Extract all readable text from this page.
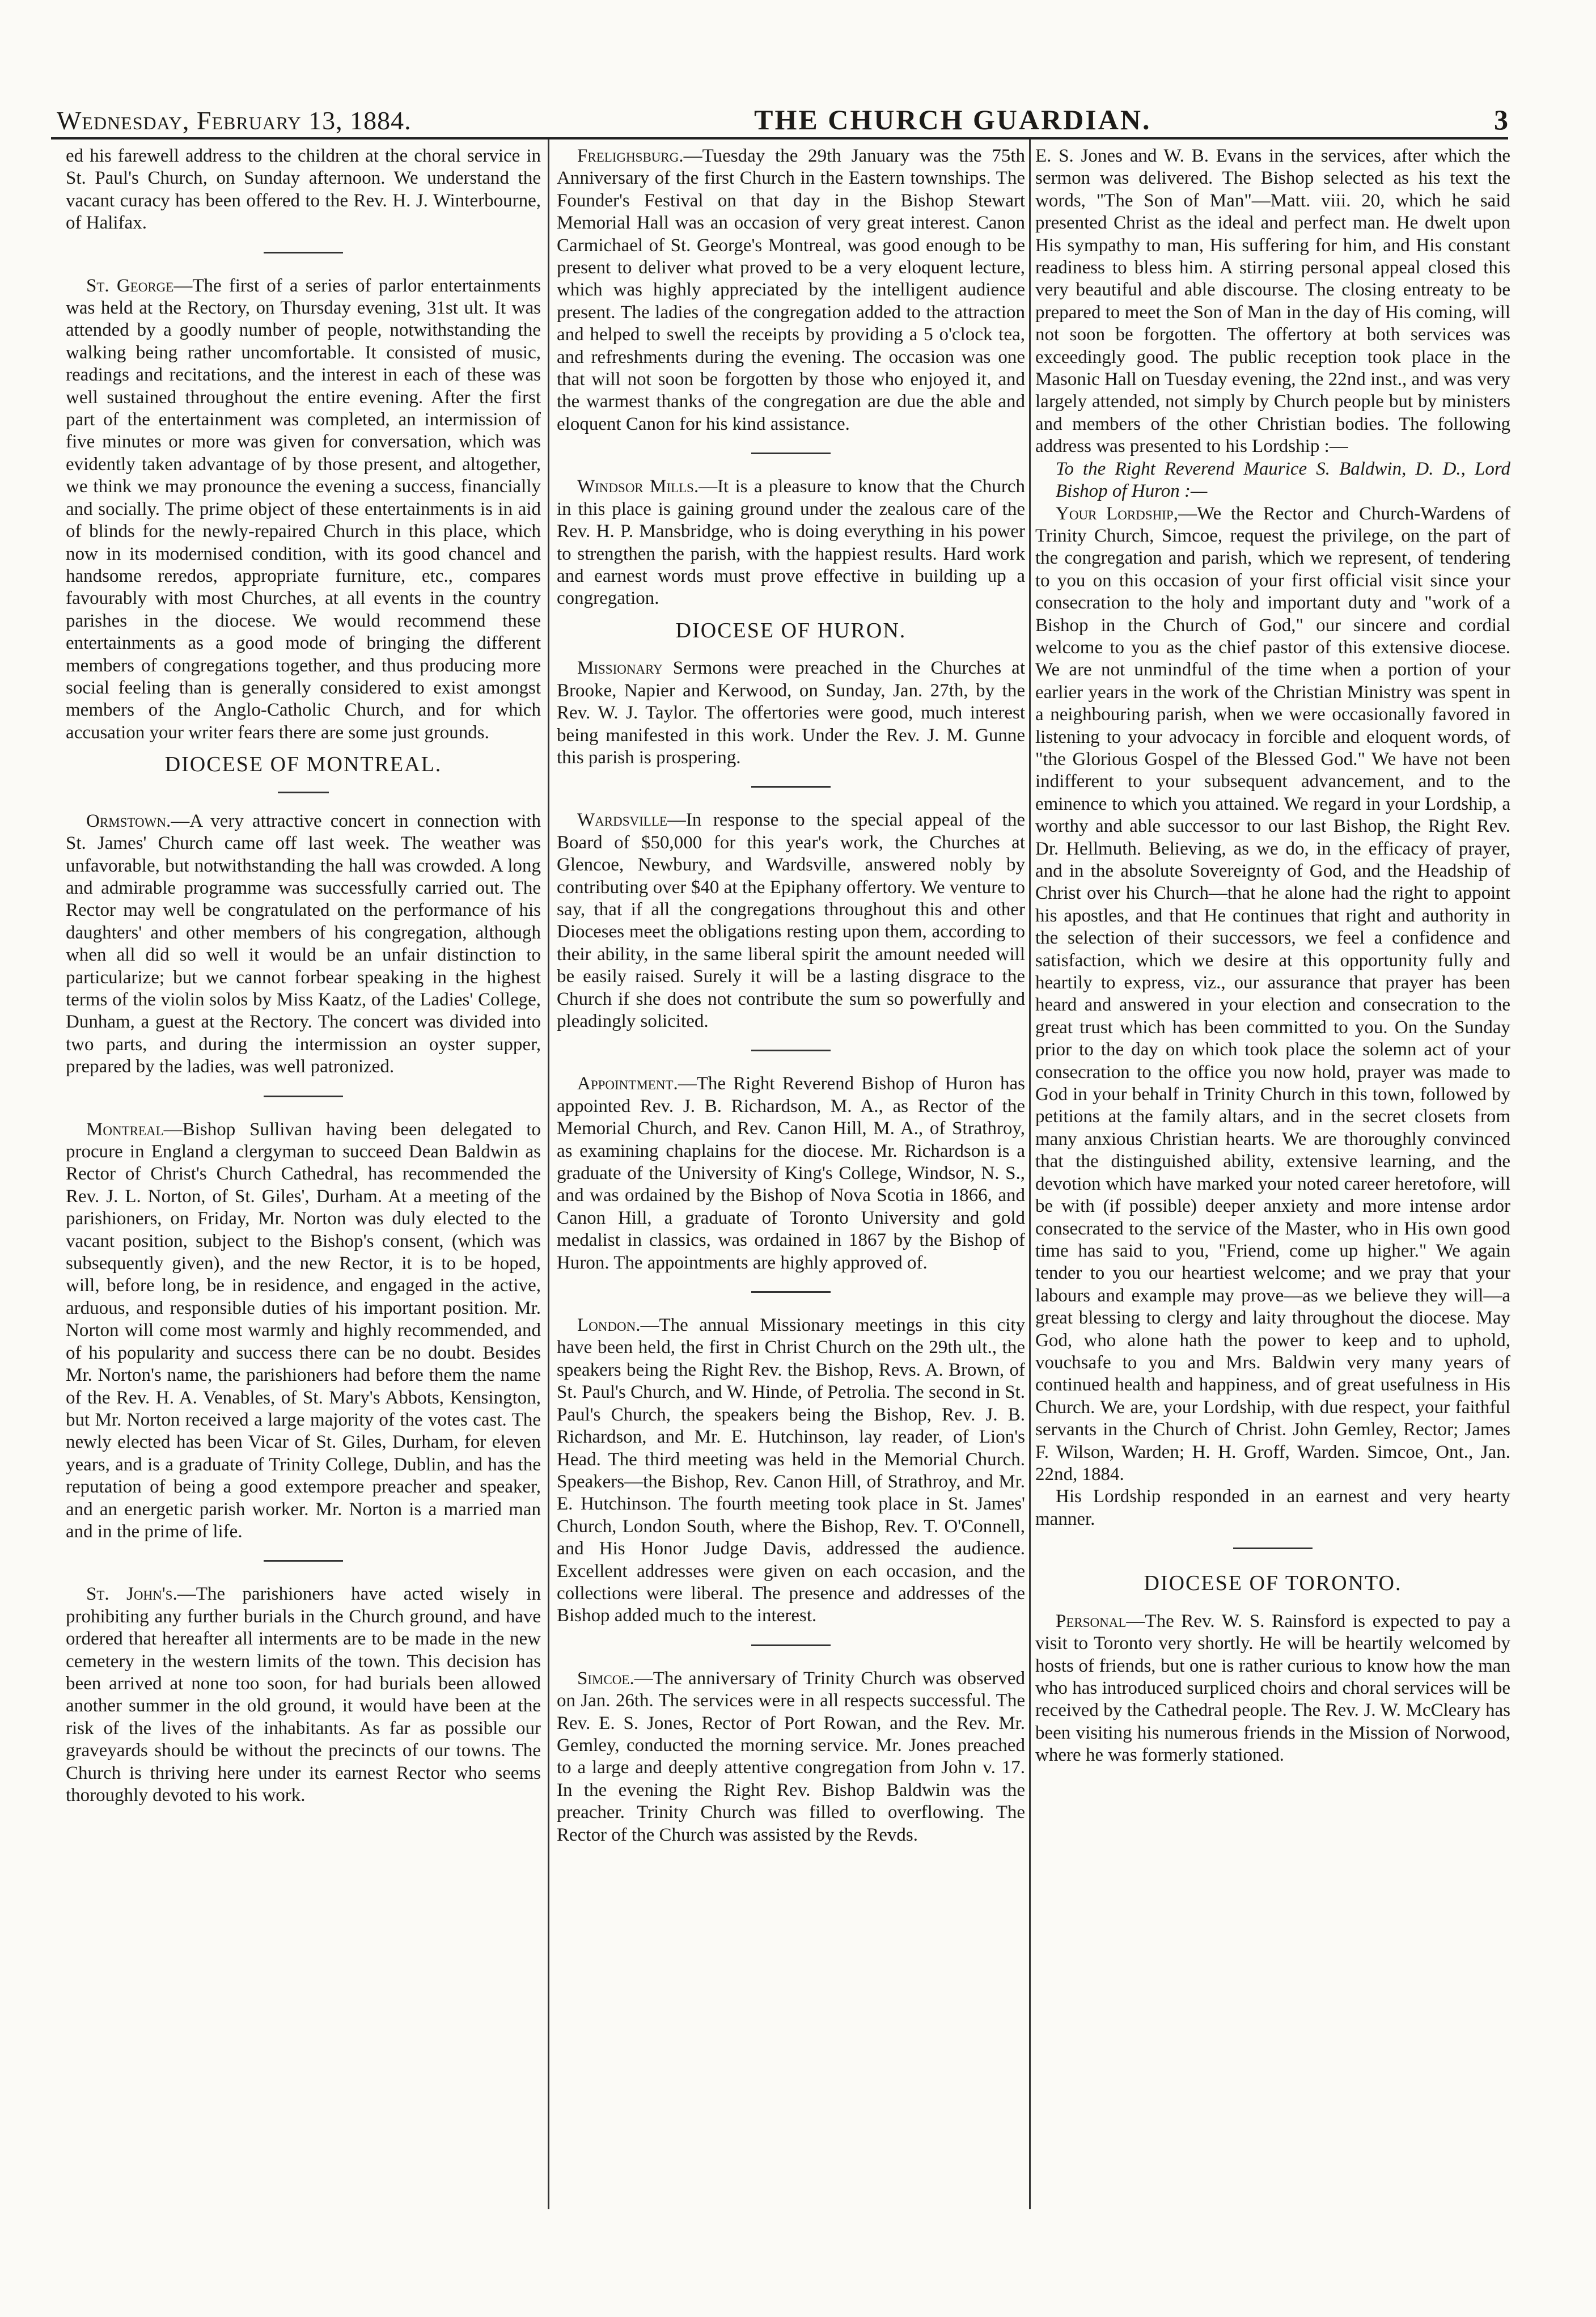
Wednesday, February 13, 1884.	THE CHURCH GUARDIAN.	3

ed his farewell address to the children at the choral service in St. Paul's Church, on Sunday afternoon. We understand the vacant curacy has been offered to the Rev. H. J. Winterbourne, of Halifax.

St. George—The first of a series of parlor entertainments was held at the Rectory, on Thursday evening, 31st ult. It was attended by a goodly number of people, notwithstanding the walking being rather uncomfortable. It consisted of music, readings and recitations, and the interest in each of these was well sustained throughout the entire evening. After the first part of the entertainment was completed, an intermission of five minutes or more was given for conversation, which was evidently taken advantage of by those present, and altogether, we think we may pronounce the evening a success, financially and socially. The prime object of these entertainments is in aid of blinds for the newly-repaired Church in this place, which now in its modernised condition, with its good chancel and handsome reredos, appropriate furniture, etc., compares favourably with most Churches, at all events in the country parishes in the diocese. We would recommend these entertainments as a good mode of bringing the different members of congregations together, and thus producing more social feeling than is generally considered to exist amongst members of the Anglo-Catholic Church, and for which accusation your writer fears there are some just grounds.

DIOCESE OF MONTREAL.

Ormstown.—A very attractive concert in connection with St. James' Church came off last week. The weather was unfavorable, but notwithstanding the hall was crowded. A long and admirable programme was successfully carried out. The Rector may well be congratulated on the performance of his daughters' and other members of his congregation, although when all did so well it would be an unfair distinction to particularize; but we cannot forbear speaking in the highest terms of the violin solos by Miss Kaatz, of the Ladies' College, Dunham, a guest at the Rectory. The concert was divided into two parts, and during the intermission an oyster supper, prepared by the ladies, was well patronized.

Montreal—Bishop Sullivan having been delegated to procure in England a clergyman to succeed Dean Baldwin as Rector of Christ's Church Cathedral, has recommended the Rev. J. L. Norton, of St. Giles', Durham. At a meeting of the parishioners, on Friday, Mr. Norton was duly elected to the vacant position, subject to the Bishop's consent, (which was subsequently given), and the new Rector, it is to be hoped, will, before long, be in residence, and engaged in the active, arduous, and responsible duties of his important position. Mr. Norton will come most warmly and highly recommended, and of his popularity and success there can be no doubt. Besides Mr. Norton's name, the parishioners had before them the name of the Rev. H. A. Venables, of St. Mary's Abbots, Kensington, but Mr. Norton received a large majority of the votes cast. The newly elected has been Vicar of St. Giles, Durham, for eleven years, and is a graduate of Trinity College, Dublin, and has the reputation of being a good extempore preacher and speaker, and an energetic parish worker. Mr. Norton is a married man and in the prime of life.

St. John's.—The parishioners have acted wisely in prohibiting any further burials in the Church ground, and have ordered that hereafter all interments are to be made in the new cemetery in the western limits of the town. This decision has been arrived at none too soon, for had burials been allowed another summer in the old ground, it would have been at the risk of the lives of the inhabitants. As far as possible our graveyards should be without the precincts of our towns. The Church is thriving here under its earnest Rector who seems thoroughly devoted to his work.

Frelighsburg.—Tuesday the 29th January was the 75th Anniversary of the first Church in the Eastern townships. The Founder's Festival on that day in the Bishop Stewart Memorial Hall was an occasion of very great interest. Canon Carmichael of St. George's Montreal, was good enough to be present to deliver what proved to be a very eloquent lecture, which was highly appreciated by the intelligent audience present. The ladies of the congregation added to the attraction and helped to swell the receipts by providing a 5 o'clock tea, and refreshments during the evening. The occasion was one that will not soon be forgotten by those who enjoyed it, and the warmest thanks of the congregation are due the able and eloquent Canon for his kind assistance.

Windsor Mills.—It is a pleasure to know that the Church in this place is gaining ground under the zealous care of the Rev. H. P. Mansbridge, who is doing everything in his power to strengthen the parish, with the happiest results. Hard work and earnest words must prove effective in building up a congregation.

DIOCESE OF HURON.

Missionary Sermons were preached in the Churches at Brooke, Napier and Kerwood, on Sunday, Jan. 27th, by the Rev. W. J. Taylor. The offertories were good, much interest being manifested in this work. Under the Rev. J. M. Gunne this parish is prospering.

Wardsville—In response to the special appeal of the Board of $50,000 for this year's work, the Churches at Glencoe, Newbury, and Wardsville, answered nobly by contributing over $40 at the Epiphany offertory. We venture to say, that if all the congregations throughout this and other Dioceses meet the obligations resting upon them, according to their ability, in the same liberal spirit the amount needed will be easily raised. Surely it will be a lasting disgrace to the Church if she does not contribute the sum so powerfully and pleadingly solicited.

Appointment.—The Right Reverend Bishop of Huron has appointed Rev. J. B. Richardson, M. A., as Rector of the Memorial Church, and Rev. Canon Hill, M. A., of Strathroy, as examining chaplains for the diocese. Mr. Richardson is a graduate of the University of King's College, Windsor, N. S., and was ordained by the Bishop of Nova Scotia in 1866, and Canon Hill, a graduate of Toronto University and gold medalist in classics, was ordained in 1867 by the Bishop of Huron. The appointments are highly approved of.

London.—The annual Missionary meetings in this city have been held, the first in Christ Church on the 29th ult., the speakers being the Right Rev. the Bishop, Revs. A. Brown, of St. Paul's Church, and W. Hinde, of Petrolia. The second in St. Paul's Church, the speakers being the Bishop, Rev. J. B. Richardson, and Mr. E. Hutchinson, lay reader, of Lion's Head. The third meeting was held in the Memorial Church. Speakers—the Bishop, Rev. Canon Hill, of Strathroy, and Mr. E. Hutchinson. The fourth meeting took place in St. James' Church, London South, where the Bishop, Rev. T. O'Connell, and His Honor Judge Davis, addressed the audience. Excellent addresses were given on each occasion, and the collections were liberal. The presence and addresses of the Bishop added much to the interest.

Simcoe.—The anniversary of Trinity Church was observed on Jan. 26th. The services were in all respects successful. The Rev. E. S. Jones, Rector of Port Rowan, and the Rev. Mr. Gemley, conducted the morning service. Mr. Jones preached to a large and deeply attentive congregation from John v. 17. In the evening the Right Rev. Bishop Baldwin was the preacher. Trinity Church was filled to overflowing. The Rector of the Church was assisted by the Revds.

E. S. Jones and W. B. Evans in the services, after which the sermon was delivered. The Bishop selected as his text the words, "The Son of Man"—Matt. viii. 20, which he said presented Christ as the ideal and perfect man. He dwelt upon His sympathy to man, His suffering for him, and His constant readiness to bless him. A stirring personal appeal closed this very beautiful and able discourse. The closing entreaty to be prepared to meet the Son of Man in the day of His coming, will not soon be forgotten. The offertory at both services was exceedingly good. The public reception took place in the Masonic Hall on Tuesday evening, the 22nd inst., and was very largely attended, not simply by Church people but by ministers and members of the other Christian bodies. The following address was presented to his Lordship :—

To the Right Reverend Maurice S. Baldwin, D. D., Lord Bishop of Huron :—

Your Lordship,—We the Rector and Church-Wardens of Trinity Church, Simcoe, request the privilege, on the part of the congregation and parish, which we represent, of tendering to you on this occasion of your first official visit since your consecration to the holy and important duty and "work of a Bishop in the Church of God," our sincere and cordial welcome to you as the chief pastor of this extensive diocese. We are not unmindful of the time when a portion of your earlier years in the work of the Christian Ministry was spent in a neighbouring parish, when we were occasionally favored in listening to your advocacy in forcible and eloquent words, of "the Glorious Gospel of the Blessed God." We have not been indifferent to your subsequent advancement, and to the eminence to which you attained. We regard in your Lordship, a worthy and able successor to our last Bishop, the Right Rev. Dr. Hellmuth. Believing, as we do, in the efficacy of prayer, and in the absolute Sovereignty of God, and the Headship of Christ over his Church—that he alone had the right to appoint his apostles, and that He continues that right and authority in the selection of their successors, we feel a confidence and satisfaction, which we desire at this opportunity fully and heartily to express, viz., our assurance that prayer has been heard and answered in your election and consecration to the great trust which has been committed to you. On the Sunday prior to the day on which took place the solemn act of your consecration to the office you now hold, prayer was made to God in your behalf in Trinity Church in this town, followed by petitions at the family altars, and in the secret closets from many anxious Christian hearts. We are thoroughly convinced that the distinguished ability, extensive learning, and the devotion which have marked your noted career heretofore, will be with (if possible) deeper anxiety and more intense ardor consecrated to the service of the Master, who in His own good time has said to you, "Friend, come up higher." We again tender to you our heartiest welcome; and we pray that your labours and example may prove—as we believe they will—a great blessing to clergy and laity throughout the diocese. May God, who alone hath the power to keep and to uphold, vouchsafe to you and Mrs. Baldwin very many years of continued health and happiness, and of great usefulness in His Church. We are, your Lordship, with due respect, your faithful servants in the Church of Christ. John Gemley, Rector; James F. Wilson, Warden; H. H. Groff, Warden. Simcoe, Ont., Jan. 22nd, 1884.

His Lordship responded in an earnest and very hearty manner.

DIOCESE OF TORONTO.

Personal—The Rev. W. S. Rainsford is expected to pay a visit to Toronto very shortly. He will be heartily welcomed by hosts of friends, but one is rather curious to know how the man who has introduced surpliced choirs and choral services will be received by the Cathedral people. The Rev. J. W. McCleary has been visiting his numerous friends in the Mission of Norwood, where he was formerly stationed.
